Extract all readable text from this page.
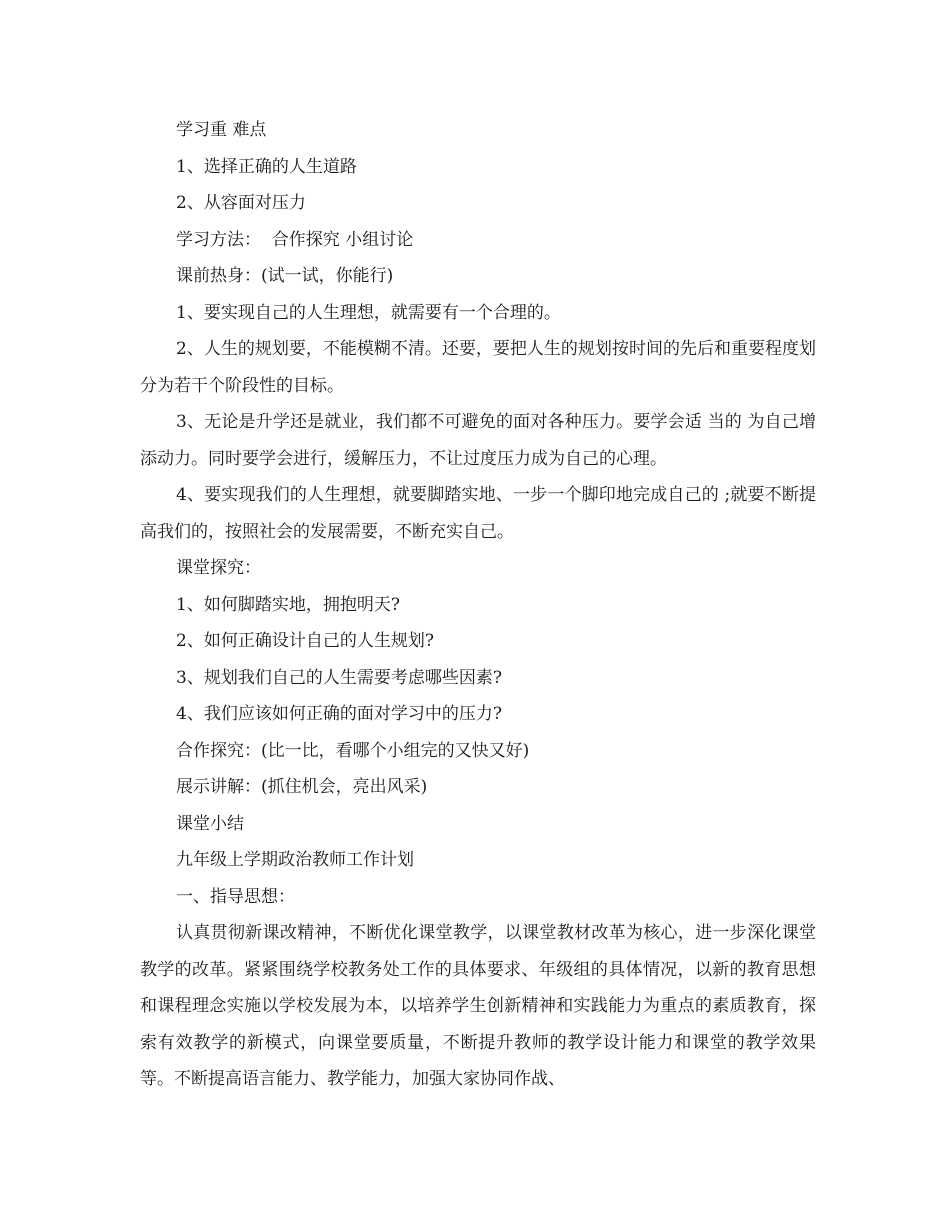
学习重 难点

1、选择正确的人生道路

2、从容面对压力

学习方法：  合作探究 小组讨论

课前热身：(试一试，你能行)

1、要实现自己的人生理想，就需要有一个合理的。

2、人生的规划要，不能模糊不清。还要，要把人生的规划按时间的先后和重要程度划分为若干个阶段性的目标。

3、无论是升学还是就业，我们都不可避免的面对各种压力。要学会适 当的 为自己增添动力。同时要学会进行，缓解压力，不让过度压力成为自己的心理。

4、要实现我们的人生理想，就要脚踏实地、一步一个脚印地完成自己的 ;就要不断提高我们的，按照社会的发展需要，不断充实自己。

课堂探究：

1、如何脚踏实地，拥抱明天?

2、如何正确设计自己的人生规划?

3、规划我们自己的人生需要考虑哪些因素?

4、我们应该如何正确的面对学习中的压力?

合作探究：(比一比，看哪个小组完的又快又好)

展示讲解：(抓住机会，亮出风采)

课堂小结

九年级上学期政治教师工作计划

一、指导思想：

认真贯彻新课改精神，不断优化课堂教学，以课堂教材改革为核心，进一步深化课堂教学的改革。紧紧围绕学校教务处工作的具体要求、年级组的具体情况，以新的教育思想和课程理念实施以学校发展为本，以培养学生创新精神和实践能力为重点的素质教育，探索有效教学的新模式，向课堂要质量，不断提升教师的教学设计能力和课堂的教学效果等。不断提高语言能力、教学能力，加强大家协同作战、
